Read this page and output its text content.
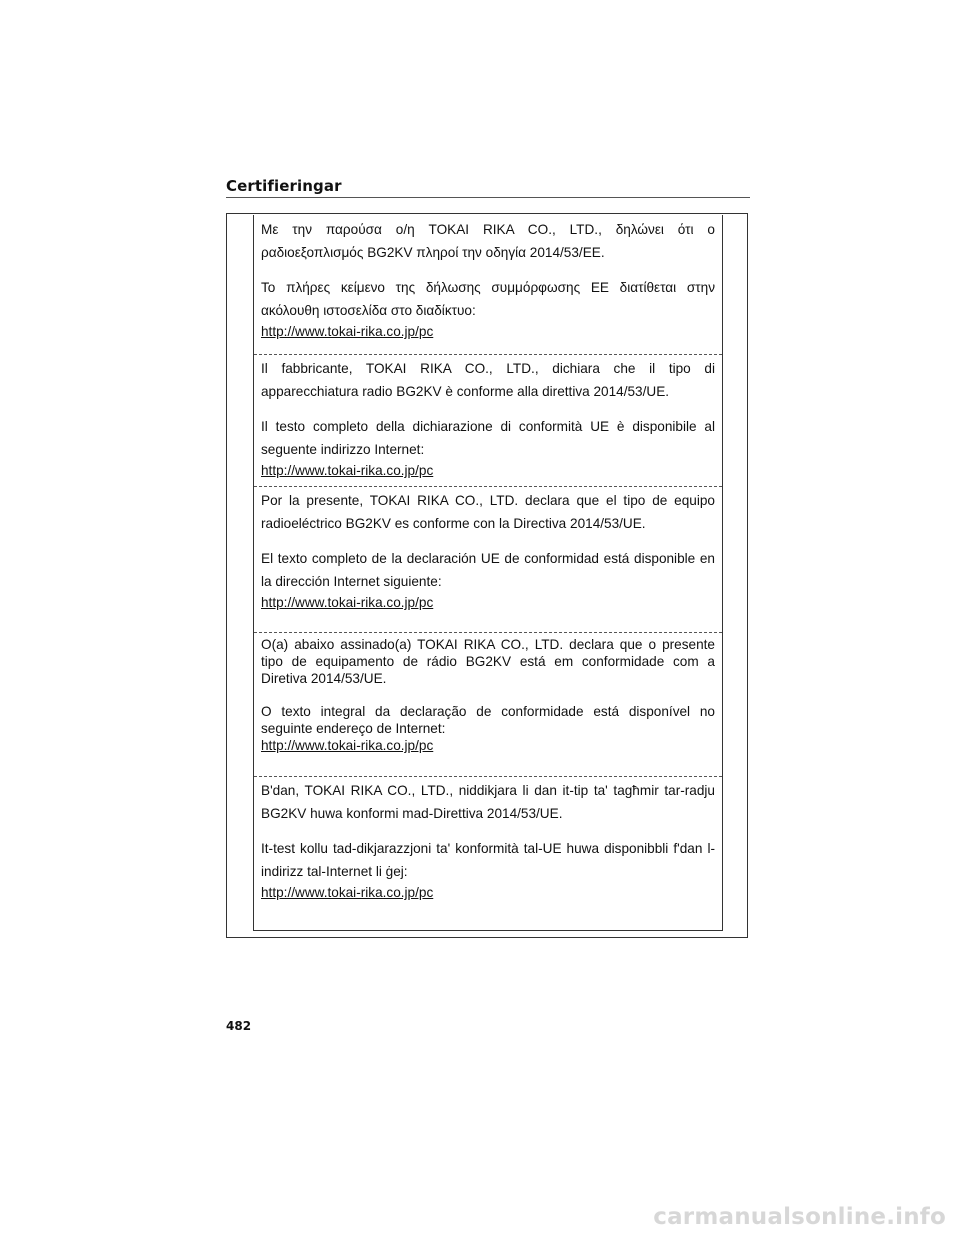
Certifieringar

Με την παρούσα ο/η TOKAI RIKA CO., LTD., δηλώνει ότι ο ραδιοεξοπλισμός BG2KV πληροί την οδηγία 2014/53/EE.

Το πλήρες κείμενο της δήλωσης συμμόρφωσης ΕΕ διατίθεται στην ακόλουθη ιστοσελίδα στο διαδίκτυο:

http://www.tokai-rika.co.jp/pc

Il fabbricante, TOKAI RIKA CO., LTD., dichiara che il tipo di apparecchiatura radio BG2KV è conforme alla direttiva 2014/53/UE.

Il testo completo della dichiarazione di conformità UE è disponibile al seguente indirizzo Internet:

http://www.tokai-rika.co.jp/pc

Por la presente, TOKAI RIKA CO., LTD. declara que el tipo de equipo radioeléctrico BG2KV es conforme con la Directiva 2014/53/UE.

El texto completo de la declaración UE de conformidad está disponible en la dirección Internet siguiente:

http://www.tokai-rika.co.jp/pc

O(a) abaixo assinado(a) TOKAI RIKA CO., LTD. declara que o presente tipo de equipamento de rádio BG2KV está em conformidade com a Diretiva 2014/53/UE.

O texto integral da declaração de conformidade está disponível no seguinte endereço de Internet:

http://www.tokai-rika.co.jp/pc

B'dan, TOKAI RIKA CO., LTD., niddikjara li dan it-tip ta' tagħmir tar-radju BG2KV huwa konformi mad-Direttiva 2014/53/UE.

It-test kollu tad-dikjarazzjoni ta' konformità tal-UE huwa disponibbli f'dan l-indirizz tal-Internet li ġej:

http://www.tokai-rika.co.jp/pc
482
carmanualsonline.info
